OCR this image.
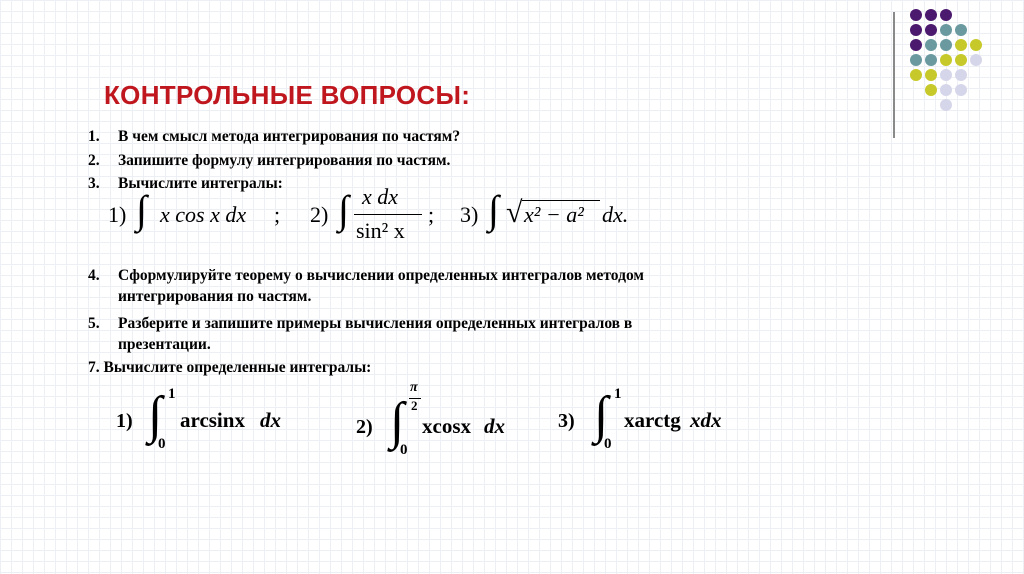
КОНТРОЛЬНЫЕ ВОПРОСЫ:
1. В чем смысл метода интегрирования по частям?
2. Запишите формулу интегрирования по частям.
3. Вычислите интегралы:
1) ∫ x cos x dx ; 2) ∫ x dx
sin² x
; 3) ∫ √ x² − a² dx.
4. Сформулируйте теорему о вычислении определенных интегралов методом
интегрирования по частям.
5. Разберите и запишите примеры вычисления определенных интегралов в
презентации.
7. Вычислите определенные интегралы:
1) ∫ 1
0
arcsinx dx	2) ∫
π
2
0
xcosx dx	3) ∫ 1
0
xarctg xdx
